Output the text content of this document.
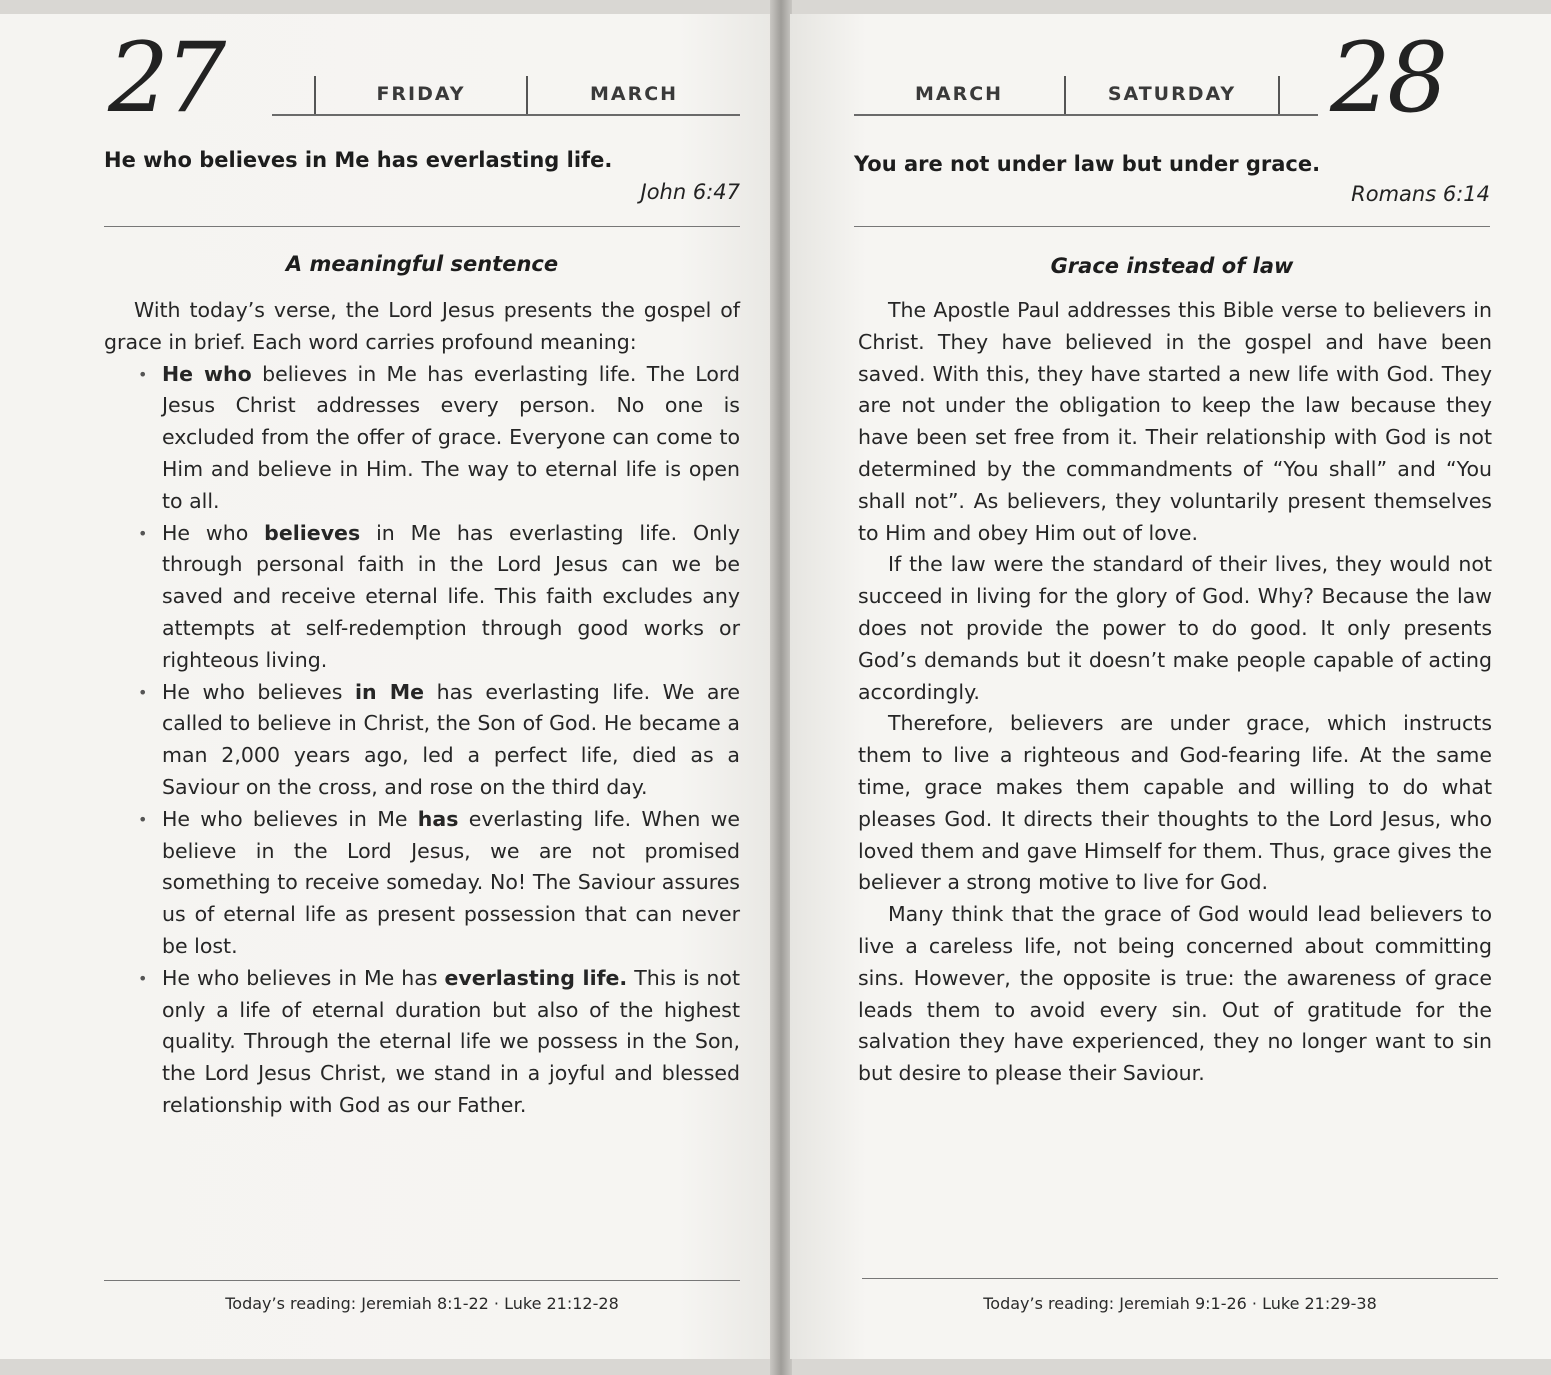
27	FRIDAY	MARCH
He who believes in Me has everlasting life.
John 6:47
A meaningful sentence

With today’s verse, the Lord Jesus presents the gospel of grace in brief. Each word carries profound meaning:

• He who believes in Me has everlasting life. The Lord Jesus Christ addresses every person. No one is excluded from the offer of grace. Everyone can come to Him and believe in Him. The way to eternal life is open to all.
• He who believes in Me has everlasting life. Only through personal faith in the Lord Jesus can we be saved and receive eternal life. This faith excludes any attempts at self-redemption through good works or righteous living.
• He who believes in Me has everlasting life. We are called to believe in Christ, the Son of God. He became a man 2,000 years ago, led a perfect life, died as a Saviour on the cross, and rose on the third day.
• He who believes in Me has everlasting life. When we believe in the Lord Jesus, we are not promised something to receive someday. No! The Saviour assures us of eternal life as present possession that can never be lost.
• He who believes in Me has everlasting life. This is not only a life of eternal duration but also of the highest quality. Through the eternal life we possess in the Son, the Lord Jesus Christ, we stand in a joyful and blessed relationship with God as our Father.
Today’s reading: Jeremiah 8:1-22 · Luke 21:12-28
MARCH	SATURDAY 28
You are not under law but under grace.
Romans 6:14
Grace instead of law

The Apostle Paul addresses this Bible verse to believers in Christ. They have believed in the gospel and have been saved. With this, they have started a new life with God. They are not under the obligation to keep the law because they have been set free from it. Their relationship with God is not determined by the commandments of “You shall” and “You shall not”. As believers, they voluntarily present themselves to Him and obey Him out of love.

If the law were the standard of their lives, they would not succeed in living for the glory of God. Why? Because the law does not provide the power to do good. It only presents God’s demands but it doesn’t make people capable of acting accordingly.

Therefore, believers are under grace, which instructs them to live a righteous and God-fearing life. At the same time, grace makes them capable and willing to do what pleases God. It directs their thoughts to the Lord Jesus, who loved them and gave Himself for them. Thus, grace gives the believer a strong motive to live for God.

Many think that the grace of God would lead believers to live a careless life, not being concerned about committing sins. However, the opposite is true: the awareness of grace leads them to avoid every sin. Out of gratitude for the salvation they have experienced, they no longer want to sin but desire to please their Saviour.

Today’s reading: Jeremiah 9:1-26 · Luke 21:29-38
